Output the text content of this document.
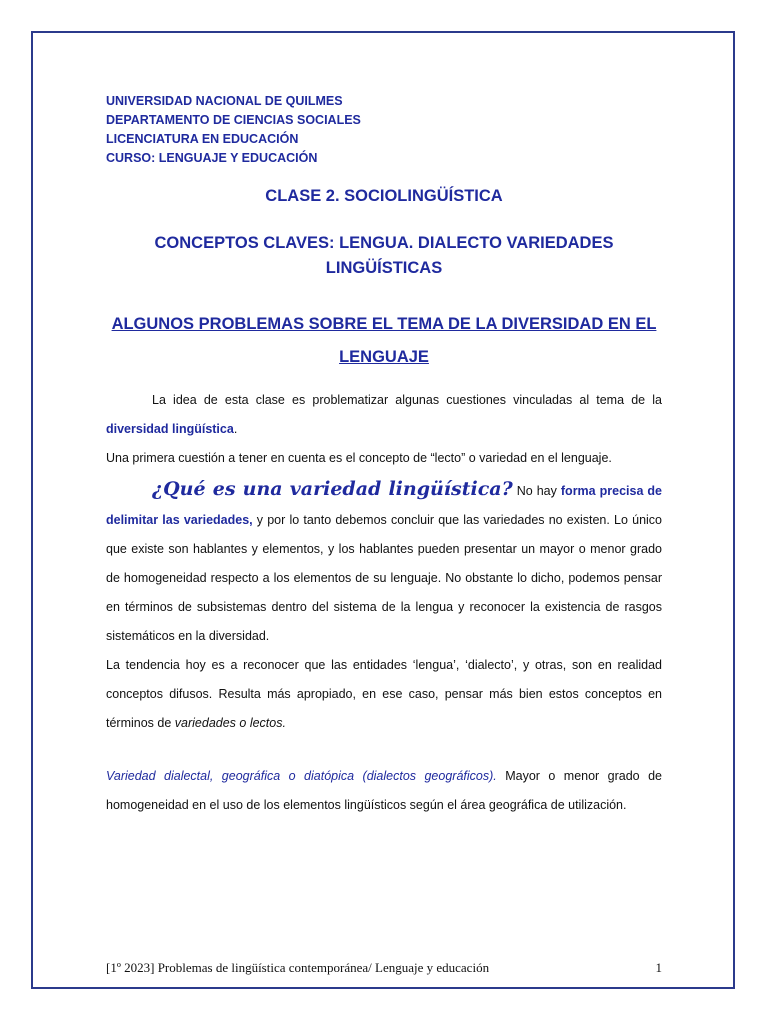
UNIVERSIDAD NACIONAL DE QUILMES
DEPARTAMENTO DE CIENCIAS SOCIALES
LICENCIATURA EN EDUCACIÓN
CURSO: LENGUAJE Y EDUCACIÓN
CLASE 2. SOCIOLINGÜÍSTICA
CONCEPTOS CLAVES: LENGUA. DIALECTO VARIEDADES
LINGÜÍSTICAS
ALGUNOS PROBLEMAS SOBRE EL TEMA DE LA DIVERSIDAD EN EL
LENGUAJE
La idea de esta clase es problematizar algunas cuestiones vinculadas al tema de la diversidad lingüística.
Una primera cuestión a tener en cuenta es el concepto de “lecto” o variedad en el lenguaje.
¿Qué es una variedad lingüística? No hay forma precisa de delimitar las variedades, y por lo tanto debemos concluir que las variedades no existen. Lo único que existe son hablantes y elementos, y los hablantes pueden presentar un mayor o menor grado de homogeneidad respecto a los elementos de su lenguaje. No obstante lo dicho, podemos pensar en términos de subsistemas dentro del sistema de la lengua y reconocer la existencia de rasgos sistemáticos en la diversidad.
La tendencia hoy es a reconocer que las entidades ‘lengua’, ‘dialecto’, y otras, son en realidad conceptos difusos. Resulta más apropiado, en ese caso, pensar más bien estos conceptos en términos de variedades o lectos.
Variedad dialectal, geográfica o diatópica (dialectos geográficos). Mayor o menor grado de homogeneidad en el uso de los elementos lingüísticos según el área geográfica de utilización.
[1º 2023] Problemas de lingüística contemporánea/ Lenguaje y educación	1
